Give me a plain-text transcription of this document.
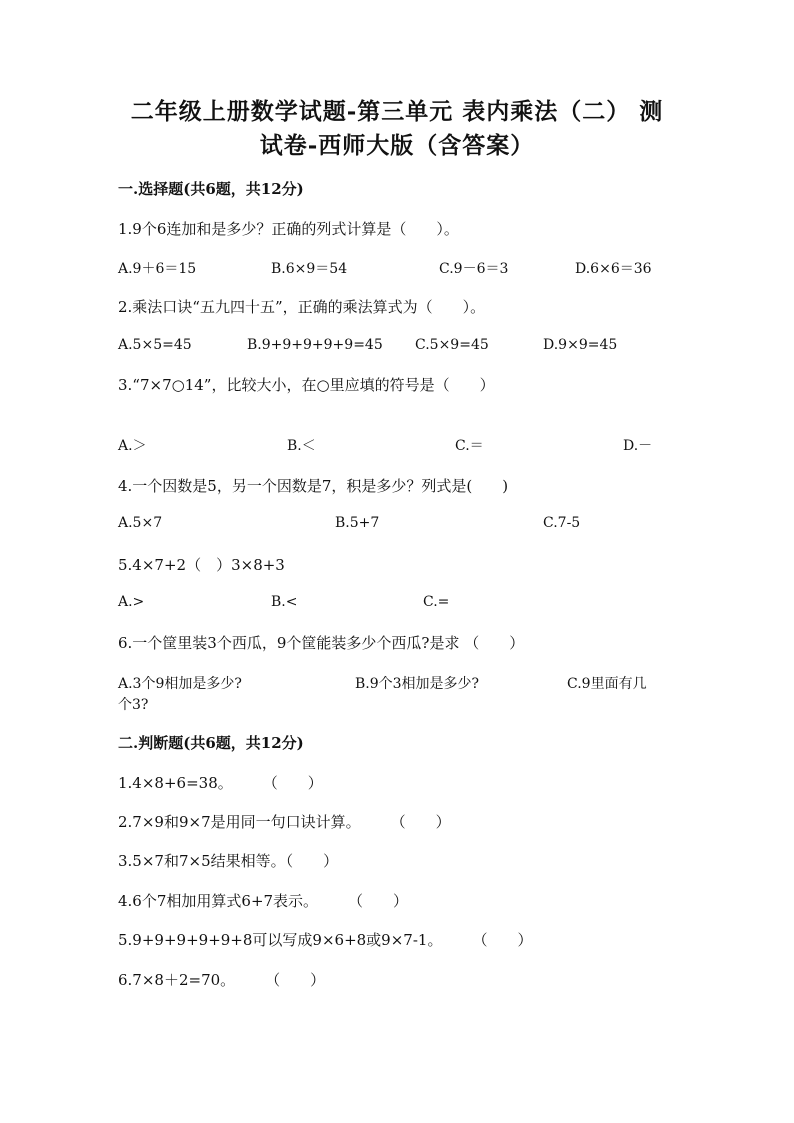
二年级上册数学试题-第三单元 表内乘法（二） 测
试卷-西师大版（含答案）
一.选择题(共6题，共12分)
1.9个6连加和是多少？正确的列式计算是（　　）。
A.9＋6＝15	B.6×9＝54	C.9－6＝3	D.6×6＝36
2.乘法口诀“五九四十五”，正确的乘法算式为（　　）。
A.5×5=45	B.9+9+9+9+9=45 C.5×9=45	D.9×9=45
3.“7×7○14”，比较大小，在○里应填的符号是（　　）
A.＞	B.＜	C.＝	D.－
4.一个因数是5，另一个因数是7，积是多少？列式是(　　)
A.5×7	B.5+7	C.7-5
5.4×7+2（　）3×8+3
A.>	B.<	C.=
6.一个筐里装3个西瓜，9个筐能装多少个西瓜?是求 （　　）
A.3个9相加是多少?	B.9个3相加是多少?	C.9里面有几
个3?
二.判断题(共6题，共12分)
1.4×8+6=38。　　　（　　）
2.7×9和9×7是用同一句口诀计算。　　　（　　）
3.5×7和7×5结果相等。（　　）
4.6个7相加用算式6+7表示。　　　（　　）
5.9+9+9+9+9+8可以写成9×6+8或9×7-1。　　　（　　）
6.7×8＋2=70。　　　（　　）
